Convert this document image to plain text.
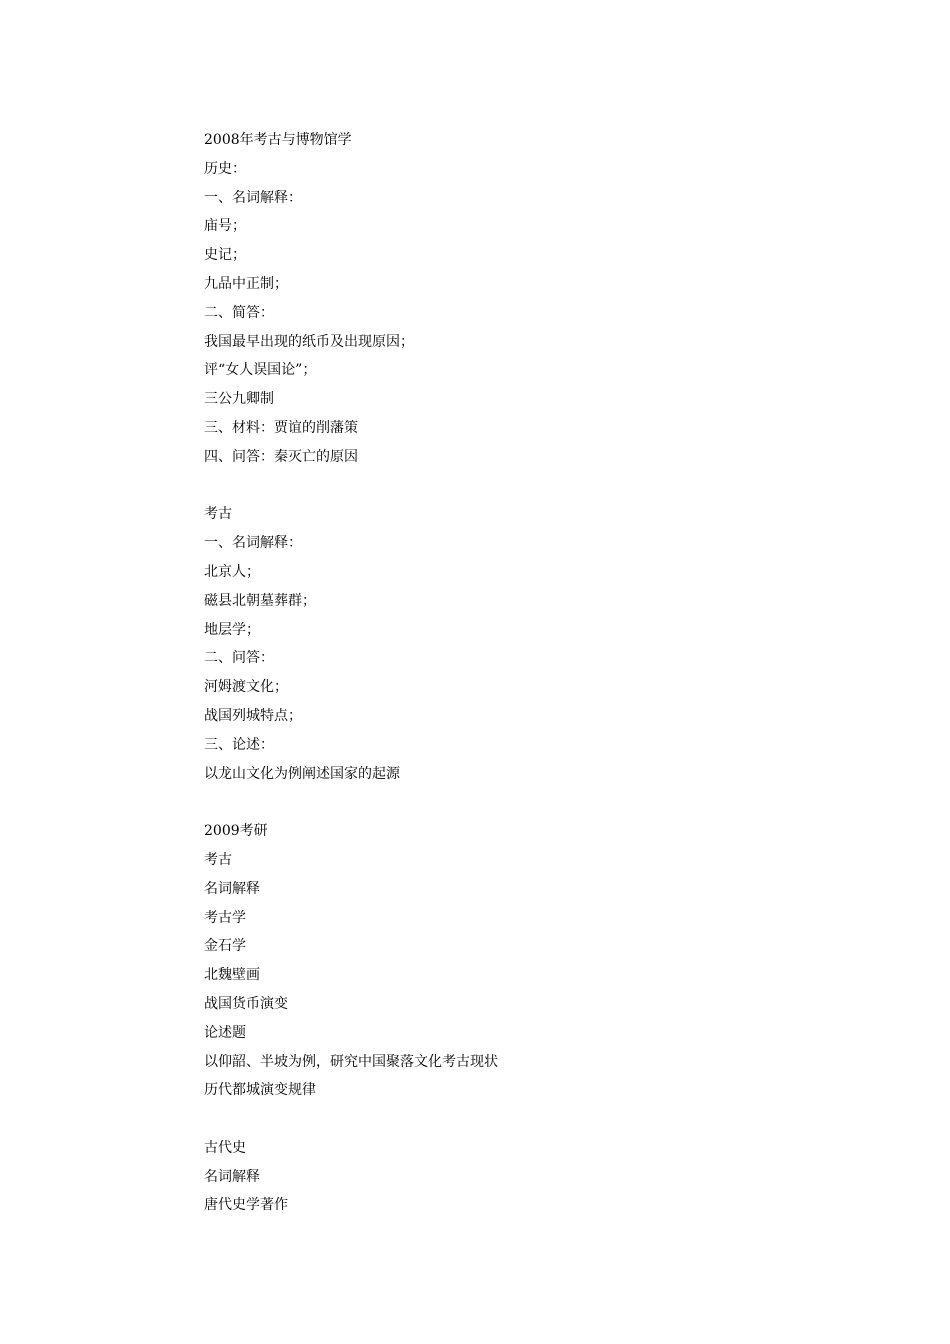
2008年考古与博物馆学
历史：
一、名词解释：
庙号；
史记；
九品中正制；
二、简答：
我国最早出现的纸币及出现原因；
评“女人误国论”；
三公九卿制
三、材料：贾谊的削藩策
四、问答：秦灭亡的原因
考古
一、名词解释：
北京人；
磁县北朝墓葬群；
地层学；
二、问答：
河姆渡文化；
战国列城特点；
三、论述：
以龙山文化为例阐述国家的起源
2009考研
考古
名词解释
考古学
金石学
北魏壁画
战国货币演变
论述题
以仰韶、半坡为例，研究中国聚落文化考古现状
历代都城演变规律
古代史
名词解释
唐代史学著作
